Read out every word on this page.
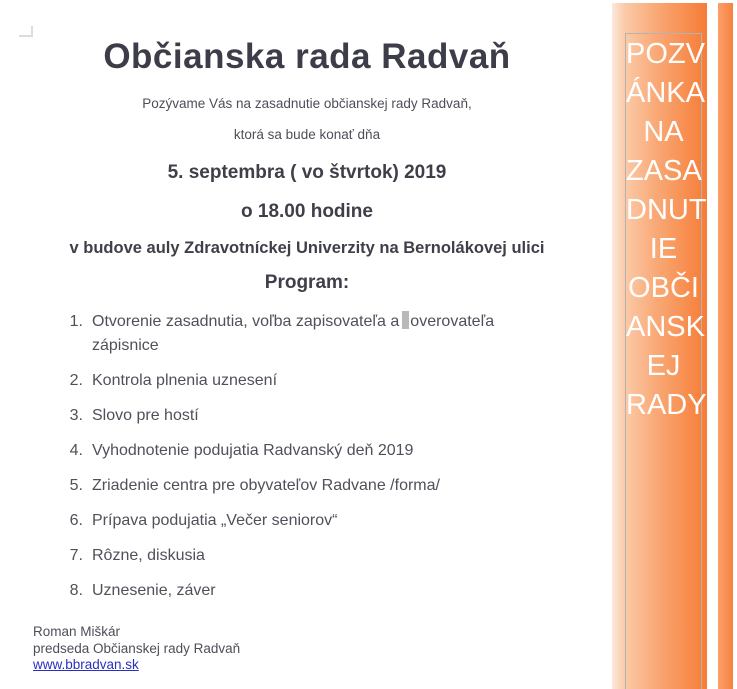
Občianska rada Radvaň

Pozývame Vás na zasadnutie občianskej rady Radvaň,

ktorá sa bude konať dňa

5. septembra ( vo štvrtok) 2019

o 18.00 hodine

v budove auly Zdravotníckej Univerzity na Bernolákovej ulici

Program:

1. Otvorenie zasadnutia, voľba zapisovateľa a overovateľa zápisnice
2. Kontrola plnenia uznesení
3. Slovo pre hostí
4. Vyhodnotenie podujatia Radvanský deň 2019
5. Zriadenie centra pre obyvateľov Radvane /forma/
6. Prípava podujatia „Večer seniorov“
7. Rôzne, diskusia
8. Uznesenie, záver

Roman Miškár

predseda Občianskej rady Radvaň

www.bbradvan.sk

POZV
ÁNKA
NA
ZASA
DNUT
IE
OBČI
ANSK
EJ
RADY
